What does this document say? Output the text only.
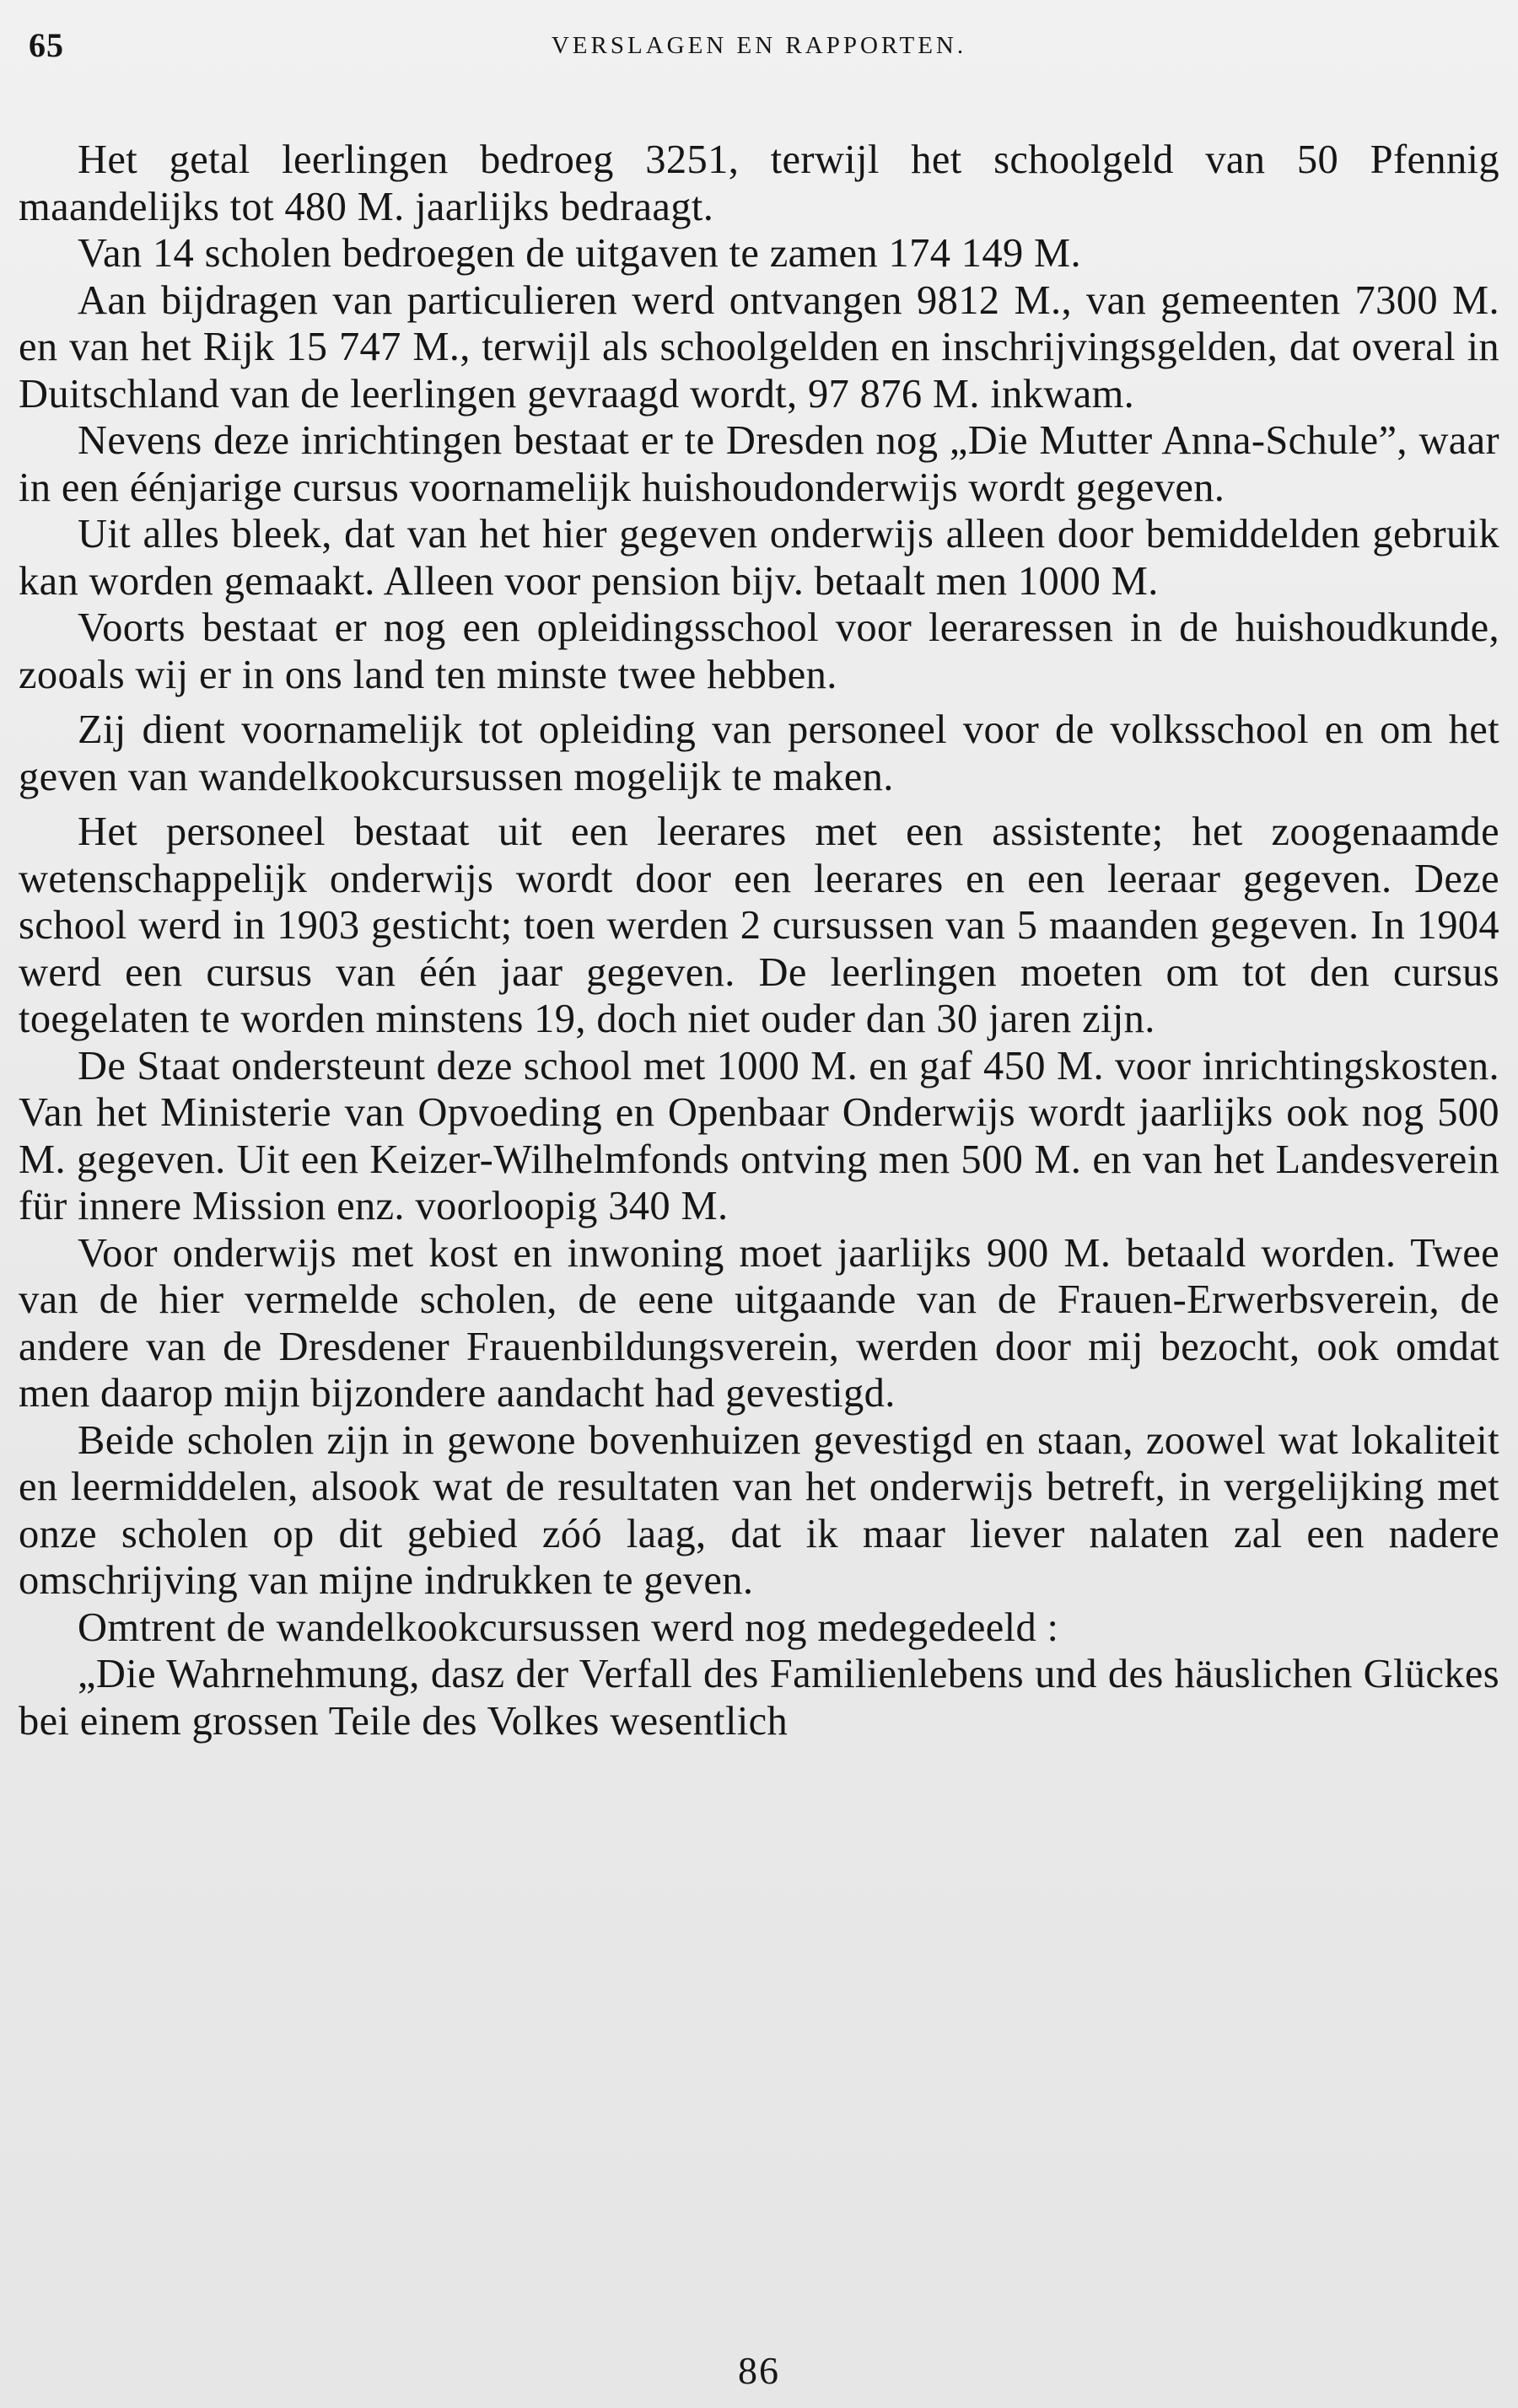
65	VERSLAGEN EN RAPPORTEN.

Het getal leerlingen bedroeg 3251, terwijl het schoolgeld van 50 Pfennig maandelijks tot 480 M. jaarlijks bedraagt.

Van 14 scholen bedroegen de uitgaven te zamen 174 149 M.

Aan bijdragen van particulieren werd ontvangen 9812 M., van gemeenten 7300 M. en van het Rijk 15 747 M., terwijl als schoolgelden en inschrijvingsgelden, dat overal in Duitschland van de leerlingen gevraagd wordt, 97 876 M. inkwam.

Nevens deze inrichtingen bestaat er te Dresden nog „Die Mutter Anna-Schule”, waar in een éénjarige cursus voornamelijk huishoudonderwijs wordt gegeven.

Uit alles bleek, dat van het hier gegeven onderwijs alleen door bemiddelden gebruik kan worden gemaakt. Alleen voor pension bijv. betaalt men 1000 M.

Voorts bestaat er nog een opleidingsschool voor leeraressen in de huishoudkunde, zooals wij er in ons land ten minste twee hebben.

Zij dient voornamelijk tot opleiding van personeel voor de volksschool en om het geven van wandelkookcursussen mogelijk te maken.

Het personeel bestaat uit een leerares met een assistente; het zoogenaamde wetenschappelijk onderwijs wordt door een leerares en een leeraar gegeven. Deze school werd in 1903 gesticht; toen werden 2 cursussen van 5 maanden gegeven. In 1904 werd een cursus van één jaar gegeven. De leerlingen moeten om tot den cursus toegelaten te worden minstens 19, doch niet ouder dan 30 jaren zijn.

De Staat ondersteunt deze school met 1000 M. en gaf 450 M. voor inrichtingskosten. Van het Ministerie van Opvoeding en Openbaar Onderwijs wordt jaarlijks ook nog 500 M. gegeven. Uit een Keizer-Wilhelmfonds ontving men 500 M. en van het Landesverein für innere Mission enz. voorloopig 340 M.

Voor onderwijs met kost en inwoning moet jaarlijks 900 M. betaald worden. Twee van de hier vermelde scholen, de eene uitgaande van de Frauen-Erwerbsverein, de andere van de Dresdener Frauenbildungsverein, werden door mij bezocht, ook omdat men daarop mijn bijzondere aandacht had gevestigd.

Beide scholen zijn in gewone bovenhuizen gevestigd en staan, zoowel wat lokaliteit en leermiddelen, alsook wat de resultaten van het onderwijs betreft, in vergelijking met onze scholen op dit gebied zóó laag, dat ik maar liever nalaten zal een nadere omschrijving van mijne indrukken te geven.

Omtrent de wandelkookcursussen werd nog medegedeeld :

„Die Wahrnehmung, dasz der Verfall des Familienlebens und des häuslichen Glückes bei einem grossen Teile des Volkes wesentlich

86
